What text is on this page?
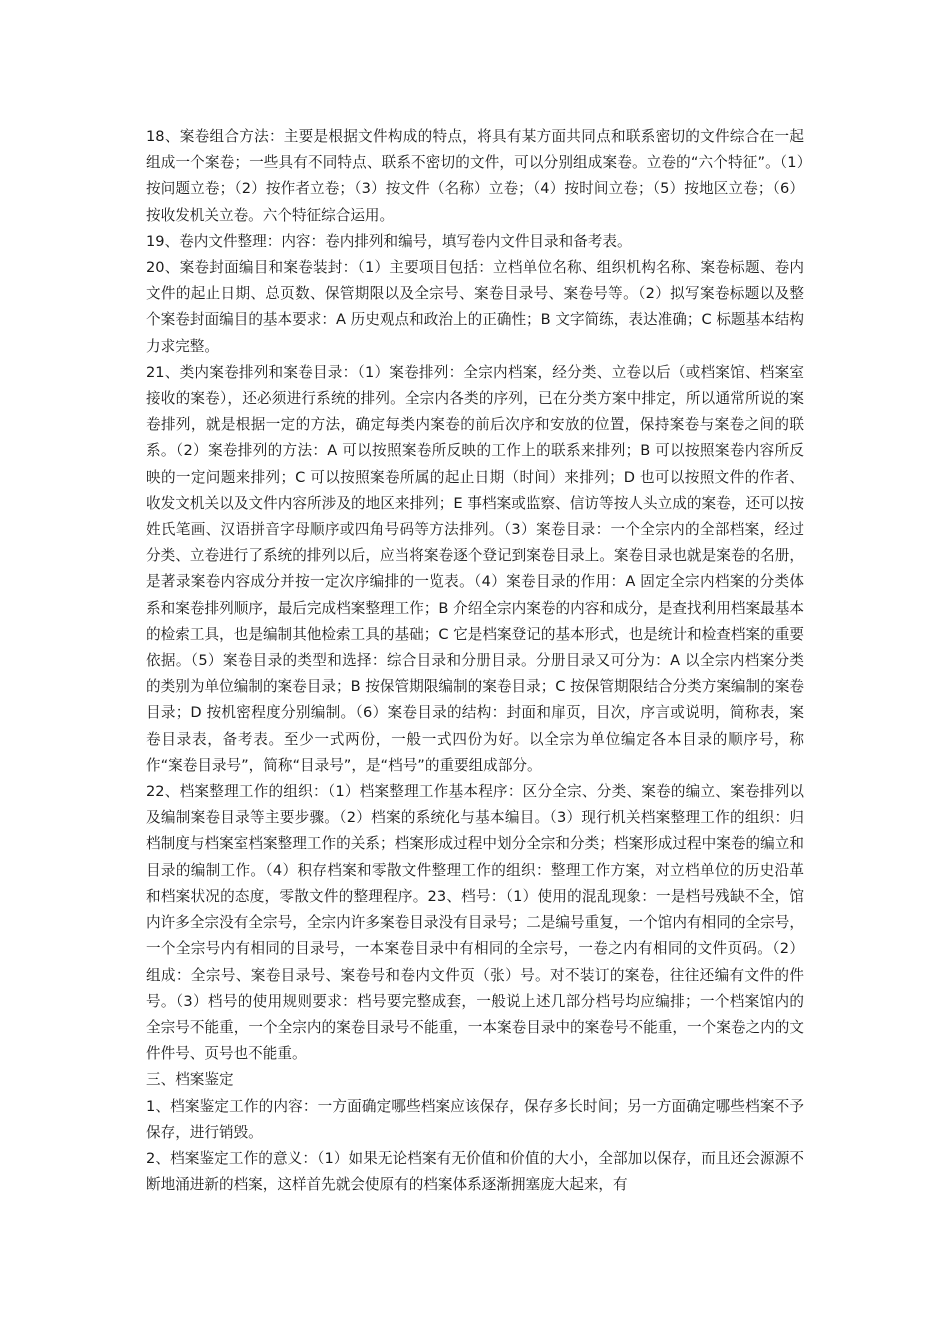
18、案卷组合方法：主要是根据文件构成的特点，将具有某方面共同点和联系密切的文件综合在一起组成一个案卷；一些具有不同特点、联系不密切的文件，可以分别组成案卷。立卷的“六个特征”。（1）按问题立卷；（2）按作者立卷；（3）按文件（名称）立卷；（4）按时间立卷；（5）按地区立卷；（6）按收发机关立卷。六个特征综合运用。

19、卷内文件整理：内容：卷内排列和编号，填写卷内文件目录和备考表。

20、案卷封面编目和案卷装封：（1）主要项目包括：立档单位名称、组织机构名称、案卷标题、卷内文件的起止日期、总页数、保管期限以及全宗号、案卷目录号、案卷号等。（2）拟写案卷标题以及整个案卷封面编目的基本要求：A 历史观点和政治上的正确性；B 文字简练，表达准确；C 标题基本结构力求完整。

21、类内案卷排列和案卷目录：（1）案卷排列：全宗内档案，经分类、立卷以后（或档案馆、档案室接收的案卷），还必须进行系统的排列。全宗内各类的序列，已在分类方案中排定，所以通常所说的案卷排列，就是根据一定的方法，确定每类内案卷的前后次序和安放的位置，保持案卷与案卷之间的联系。（2）案卷排列的方法：A 可以按照案卷所反映的工作上的联系来排列；B 可以按照案卷内容所反映的一定问题来排列；C 可以按照案卷所属的起止日期（时间）来排列；D 也可以按照文件的作者、收发文机关以及文件内容所涉及的地区来排列；E 事档案或监察、信访等按人头立成的案卷，还可以按姓氏笔画、汉语拼音字母顺序或四角号码等方法排列。（3）案卷目录：一个全宗内的全部档案，经过分类、立卷进行了系统的排列以后，应当将案卷逐个登记到案卷目录上。案卷目录也就是案卷的名册，是著录案卷内容成分并按一定次序编排的一览表。（4）案卷目录的作用：A 固定全宗内档案的分类体系和案卷排列顺序，最后完成档案整理工作；B 介绍全宗内案卷的内容和成分，是查找利用档案最基本的检索工具，也是编制其他检索工具的基础；C 它是档案登记的基本形式，也是统计和检查档案的重要依据。（5）案卷目录的类型和选择：综合目录和分册目录。分册目录又可分为：A 以全宗内档案分类的类别为单位编制的案卷目录；B 按保管期限编制的案卷目录；C 按保管期限结合分类方案编制的案卷目录；D 按机密程度分别编制。（6）案卷目录的结构：封面和扉页，目次，序言或说明，简称表，案卷目录表，备考表。至少一式两份，一般一式四份为好。以全宗为单位编定各本目录的顺序号，称作“案卷目录号”，简称“目录号”，是“档号”的重要组成部分。

22、档案整理工作的组织：（1）档案整理工作基本程序：区分全宗、分类、案卷的编立、案卷排列以及编制案卷目录等主要步骤。（2）档案的系统化与基本编目。（3）现行机关档案整理工作的组织：归档制度与档案室档案整理工作的关系；档案形成过程中划分全宗和分类；档案形成过程中案卷的编立和目录的编制工作。（4）积存档案和零散文件整理工作的组织：整理工作方案，对立档单位的历史沿革和档案状况的态度，零散文件的整理程序。23、档号：（1）使用的混乱现象：一是档号残缺不全，馆内许多全宗没有全宗号，全宗内许多案卷目录没有目录号；二是编号重复，一个馆内有相同的全宗号，一个全宗号内有相同的目录号，一本案卷目录中有相同的全宗号，一卷之内有相同的文件页码。（2）组成：全宗号、案卷目录号、案卷号和卷内文件页（张）号。对不装订的案卷，往往还编有文件的件号。（3）档号的使用规则要求：档号要完整成套，一般说上述几部分档号均应编排；一个档案馆内的全宗号不能重，一个全宗内的案卷目录号不能重，一本案卷目录中的案卷号不能重，一个案卷之内的文件件号、页号也不能重。

三、档案鉴定

1、档案鉴定工作的内容：一方面确定哪些档案应该保存，保存多长时间；另一方面确定哪些档案不予保存，进行销毁。

2、档案鉴定工作的意义：（1）如果无论档案有无价值和价值的大小，全部加以保存，而且还会源源不断地涌进新的档案，这样首先就会使原有的档案体系逐渐拥塞庞大起来，有
